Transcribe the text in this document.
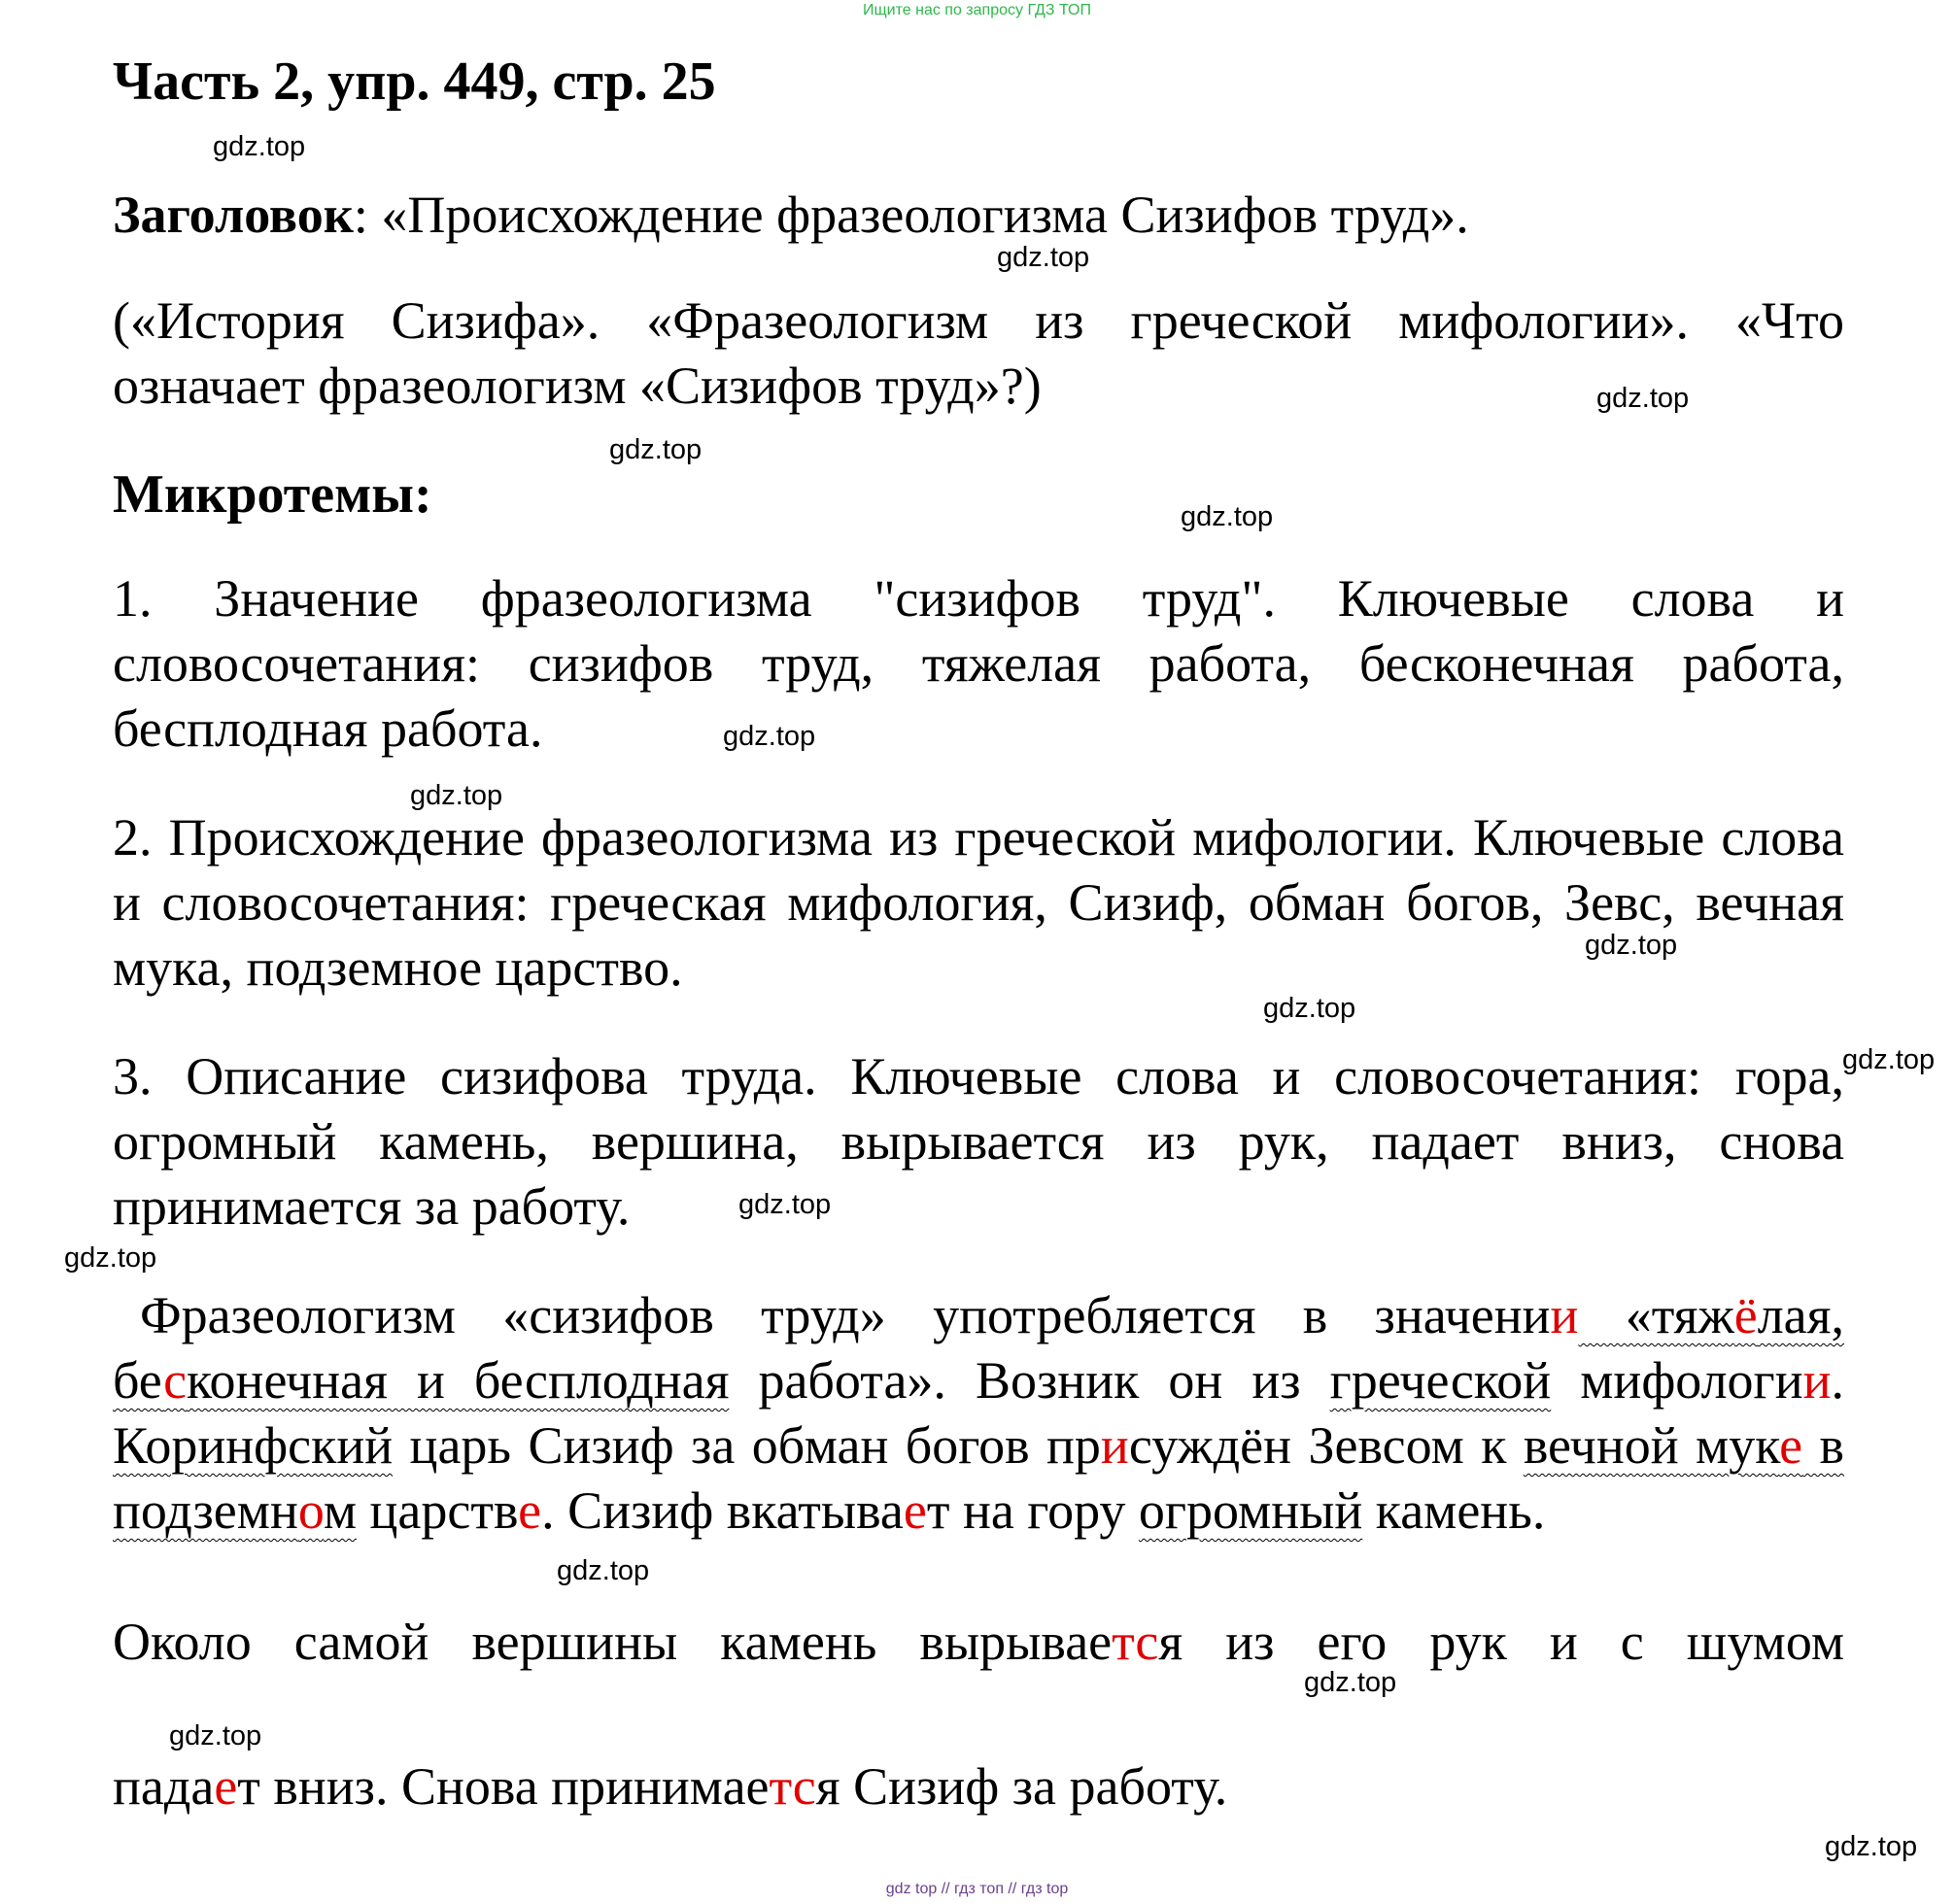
Ищите нас по запросу ГДЗ ТОП
Часть 2, упр. 449, стр. 25
Заголовок: «Происхождение фразеологизма Сизифов труд».

(«История Сизифа». «Фразеологизм из греческой мифологии». «Что означает фразеологизм «Сизифов труд»?)

Микротемы:

1. Значение фразеологизма "сизифов труд". Ключевые слова и словосочетания: сизифов труд, тяжелая работа, бесконечная работа, бесплодная работа.

2. Происхождение фразеологизма из греческой мифологии. Ключевые слова и словосочетания: греческая мифология, Сизиф, обман богов, Зевс, вечная мука, подземное царство.

3. Описание сизифова труда. Ключевые слова и словосочетания: гора, огромный камень, вершина, вырывается из рук, падает вниз, снова принимается за работу.

Фразеологизм «сизифов труд» употребляется в значении «тяжёлая, бесконечная и бесплодная работа». Возник он из греческой мифологии. Коринфский царь Сизиф за обман богов присуждён Зевсом к вечной муке в подземном царстве. Сизиф вкатывает на гору огромный камень.

Около самой вершины камень вырывается из его рук и с шумом

падает вниз. Снова принимается Сизиф за работу.

gdz.top
gdz.top
gdz.top
gdz.top
gdz.top
gdz.top
gdz.top
gdz.top
gdz.top
gdz.top
gdz.top
gdz.top
gdz.top
gdz.top
gdz.top
gdz.top
gdz top // гдз топ // гдз top
